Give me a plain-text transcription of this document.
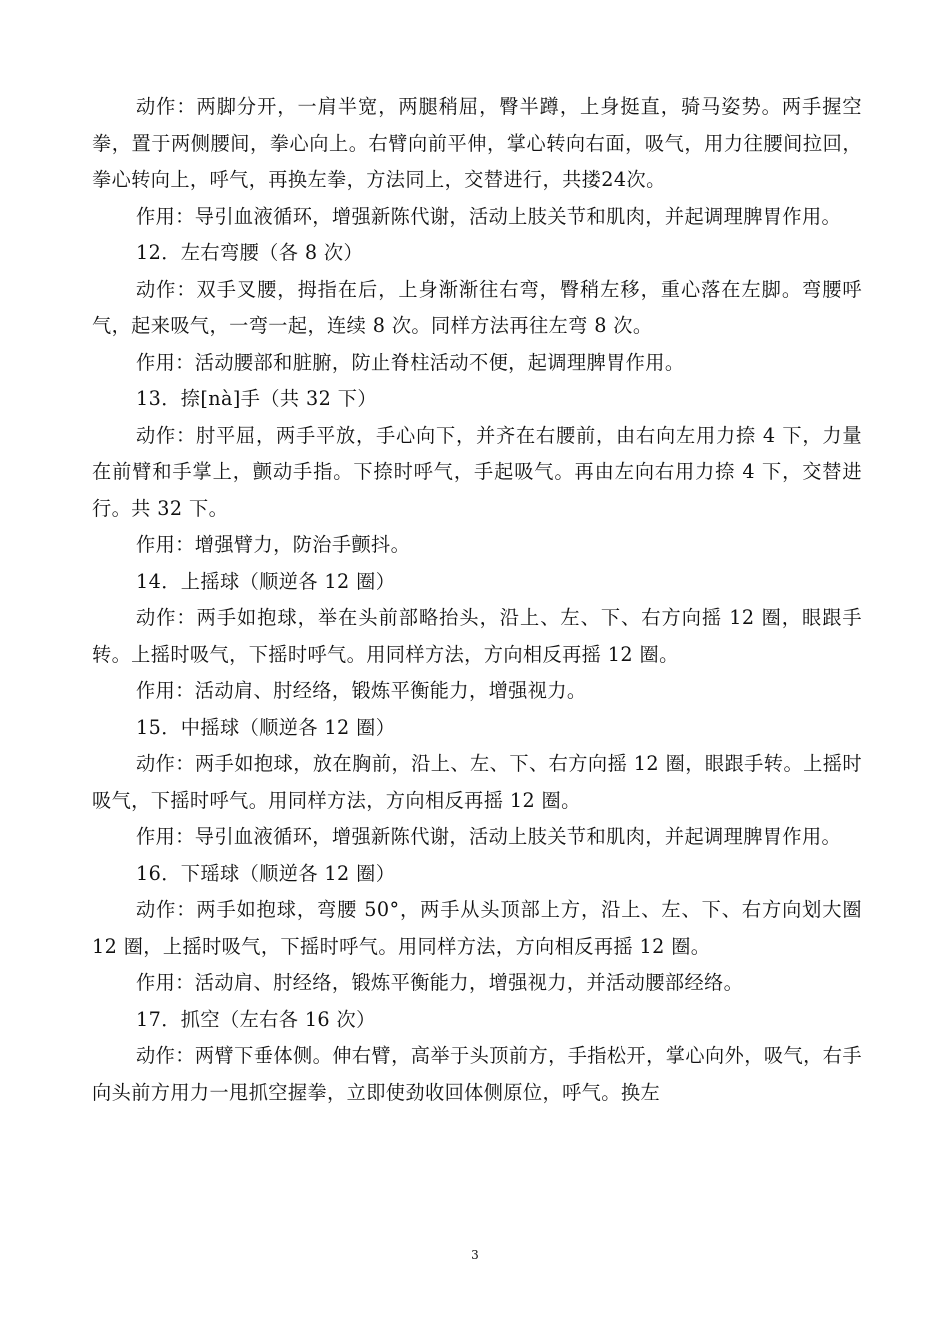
动作：两脚分开，一肩半宽，两腿稍屈，臀半蹲，上身挺直，骑马姿势。两手握空拳，置于两侧腰间，拳心向上。右臂向前平伸，掌心转向右面，吸气，用力往腰间拉回，拳心转向上，呼气，再换左拳，方法同上，交替进行，共搂24次。

作用：导引血液循环，增强新陈代谢，活动上肢关节和肌肉，并起调理脾胃作用。

12．左右弯腰（各 8 次）

动作：双手叉腰，拇指在后，上身渐渐往右弯，臀稍左移，重心落在左脚。弯腰呼气，起来吸气，一弯一起，连续 8 次。同样方法再往左弯 8 次。

作用：活动腰部和脏腑，防止脊柱活动不便，起调理脾胃作用。

13．捺[nà]手（共 32 下）

动作：肘平屈，两手平放，手心向下，并齐在右腰前，由右向左用力捺 4 下，力量在前臂和手掌上，颤动手指。下捺时呼气，手起吸气。再由左向右用力捺 4 下，交替进行。共 32 下。

作用：增强臂力，防治手颤抖。

14．上摇球（顺逆各 12 圈）

动作：两手如抱球，举在头前部略抬头，沿上、左、下、右方向摇 12 圈，眼跟手转。上摇时吸气，下摇时呼气。用同样方法，方向相反再摇 12 圈。

作用：活动肩、肘经络，锻炼平衡能力，增强视力。

15．中摇球（顺逆各 12 圈）

动作：两手如抱球，放在胸前，沿上、左、下、右方向摇 12 圈，眼跟手转。上摇时吸气，下摇时呼气。用同样方法，方向相反再摇 12 圈。

作用：导引血液循环，增强新陈代谢，活动上肢关节和肌肉，并起调理脾胃作用。

16．下瑶球（顺逆各 12 圈）

动作：两手如抱球，弯腰 50°，两手从头顶部上方，沿上、左、下、右方向划大圈 12 圈，上摇时吸气，下摇时呼气。用同样方法，方向相反再摇 12 圈。

作用：活动肩、肘经络，锻炼平衡能力，增强视力，并活动腰部经络。

17．抓空（左右各 16 次）

动作：两臂下垂体侧。伸右臂，高举于头顶前方，手指松开，掌心向外，吸气，右手向头前方用力一甩抓空握拳，立即使劲收回体侧原位，呼气。换左

3
